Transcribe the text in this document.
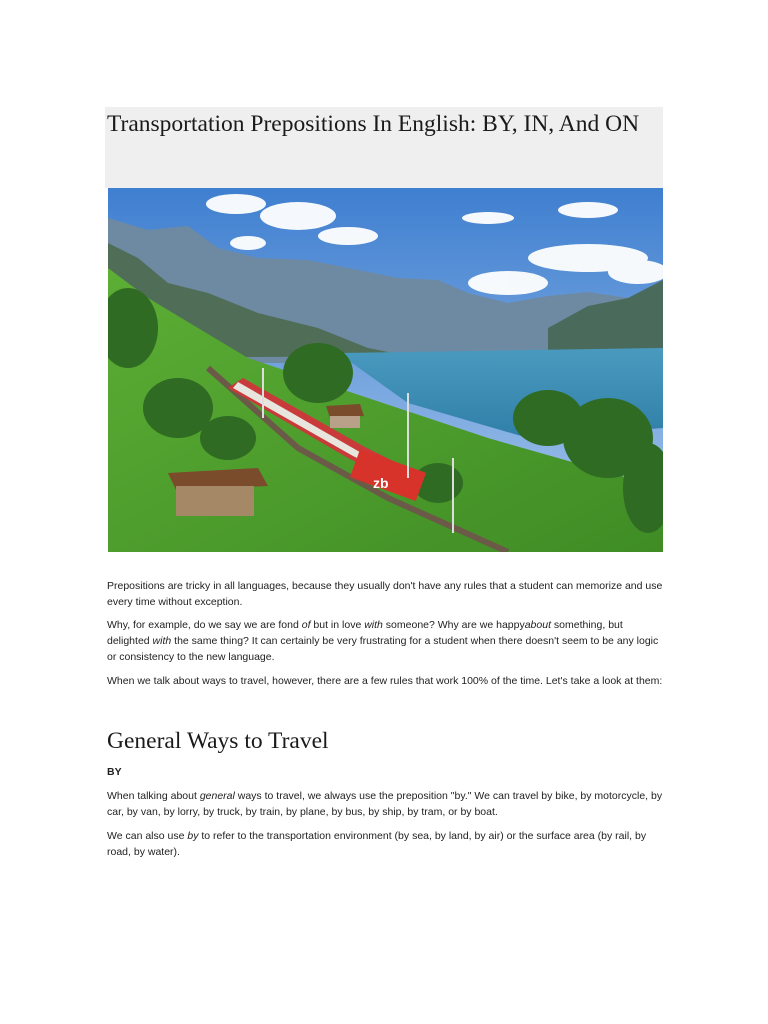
Transportation Prepositions In English: BY, IN, And ON
zb

Prepositions are tricky in all languages, because they usually don't have any rules that a student can memorize and use every time without exception.

Why, for example, do we say we are fond of but in love with someone? Why are we happyabout something, but delighted with the same thing? It can certainly be very frustrating for a student when there doesn't seem to be any logic or consistency to the new language.

When we talk about ways to travel, however, there are a few rules that work 100% of the time. Let's take a look at them:

General Ways to Travel

BY

When talking about general ways to travel, we always use the preposition "by." We can travel by bike, by motorcycle, by car, by van, by lorry, by truck, by train, by plane, by bus, by ship, by tram, or by boat.

We can also use by to refer to the transportation environment (by sea, by land, by air) or the surface area (by rail, by road, by water).
